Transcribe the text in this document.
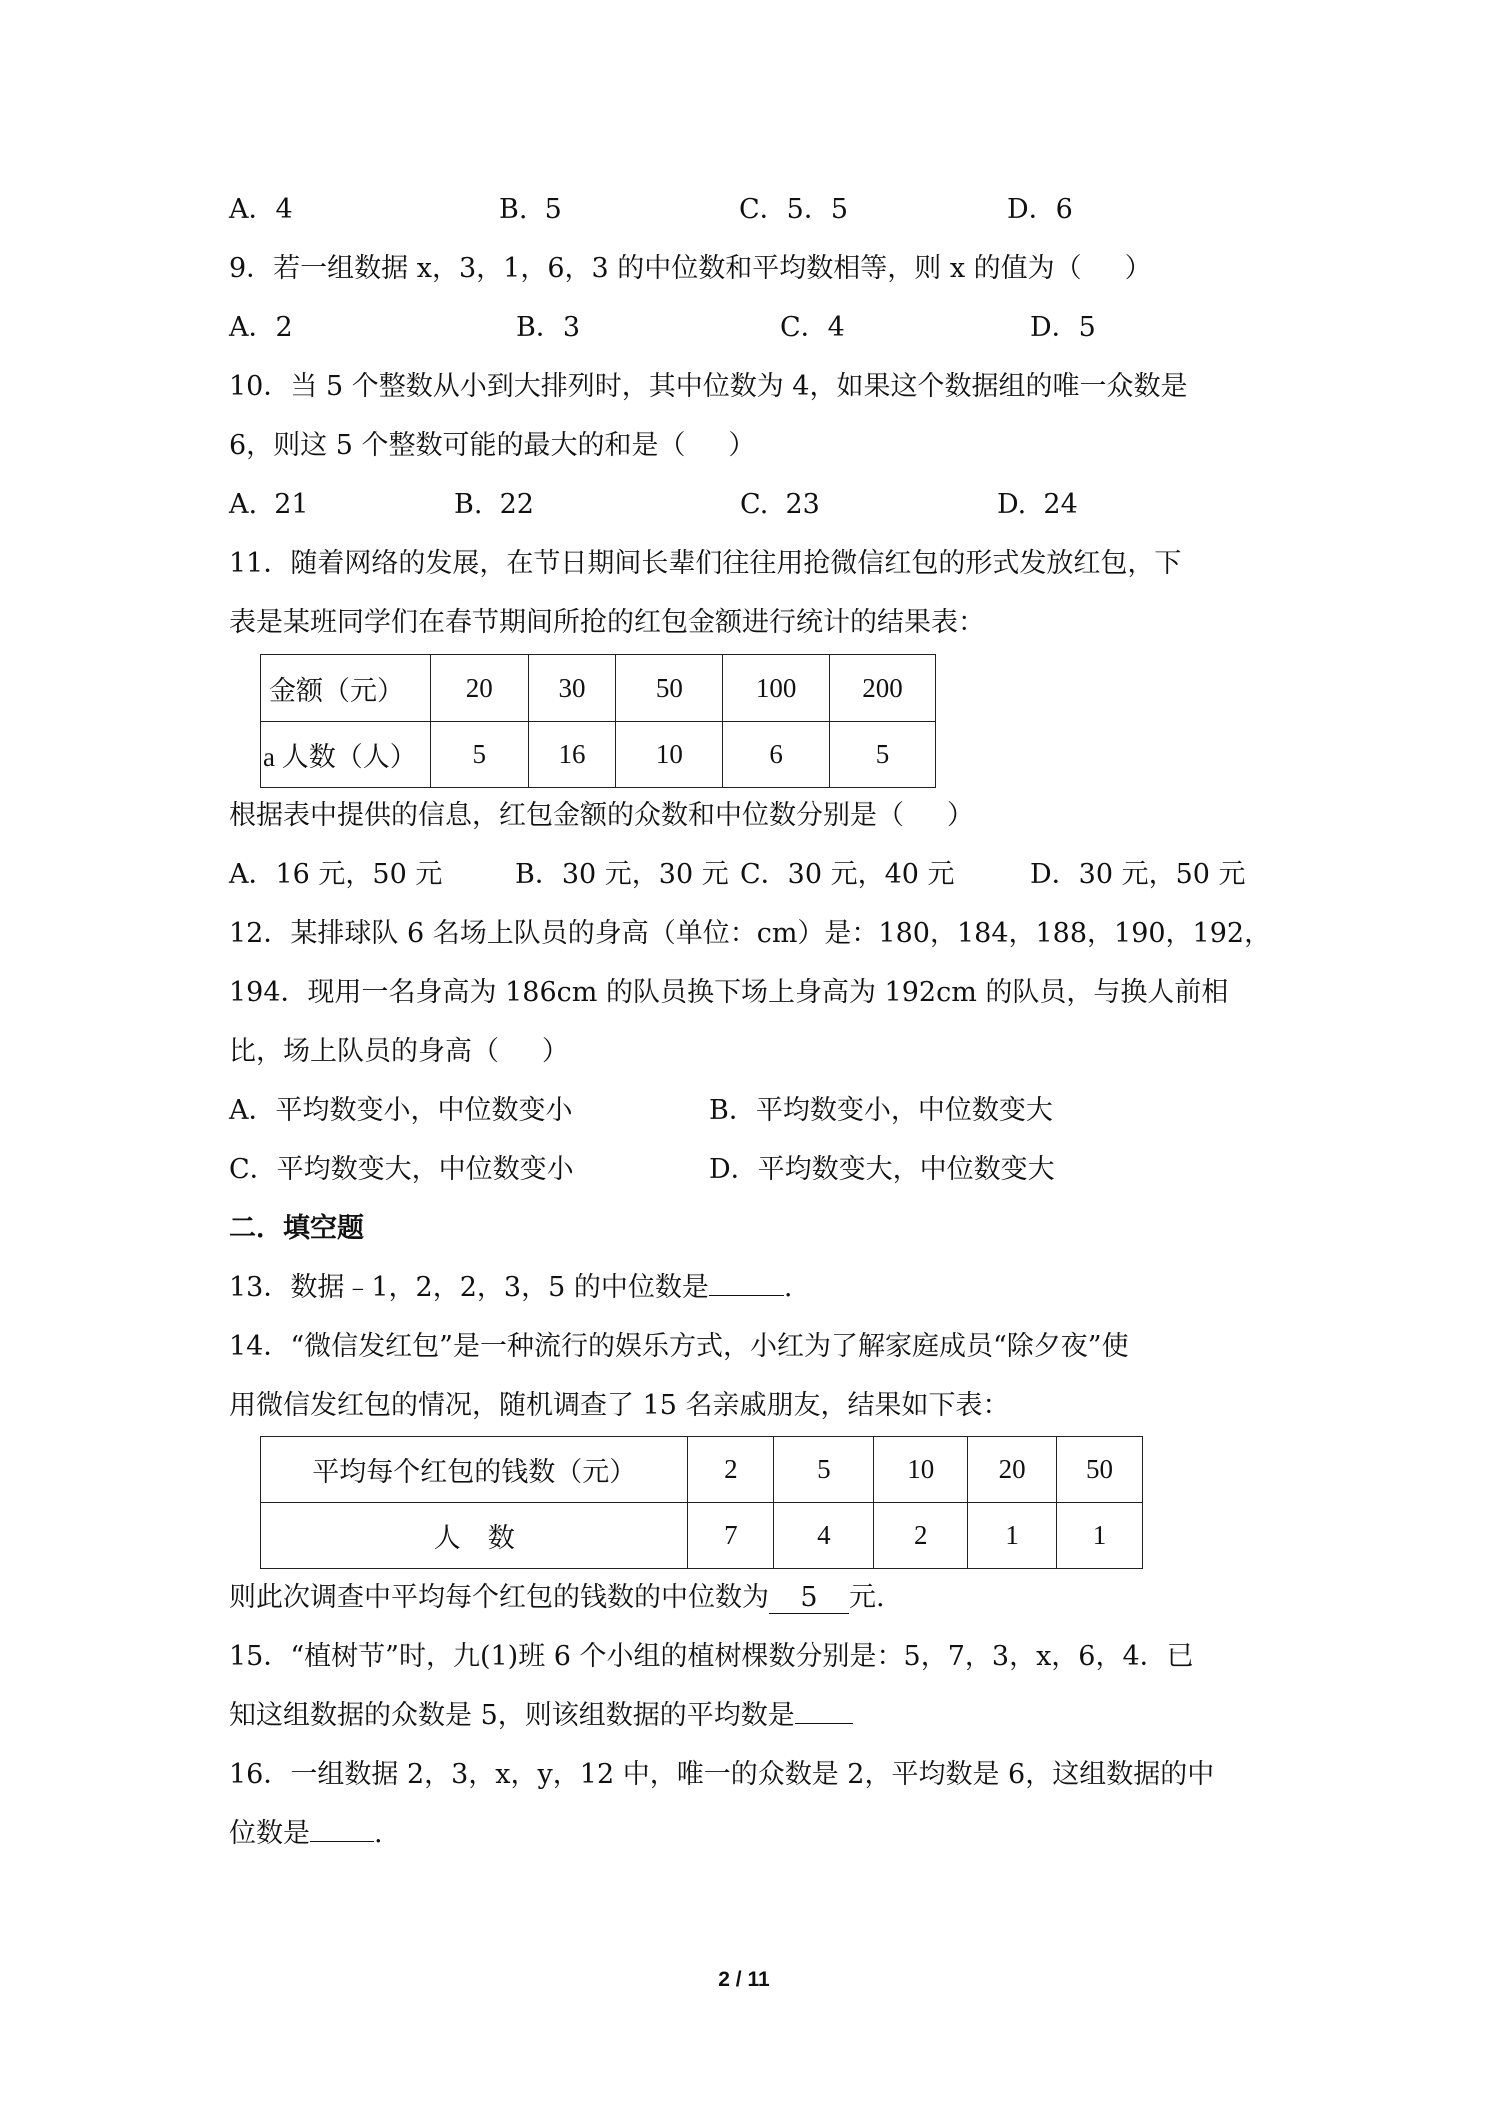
A．4	B.  5	C．5．5	D．6
9．若一组数据 x，3，1，6，3 的中位数和平均数相等，则 x 的值为（     ）
A．2	B．3	C．4	D．5
10．当 5 个整数从小到大排列时，其中位数为 4，如果这个数据组的唯一众数是
6，则这 5 个整数可能的最大的和是（     ）
A.  21	B.  22	C.  23	D.  24
11．随着网络的发展，在节日期间长辈们往往用抢微信红包的形式发放红包，下
表是某班同学们在春节期间所抢的红包金额进行统计的结果表：
金额（元）	20	30	50	100	200
a 人数（人）	5	16	10	6	5
根据表中提供的信息，红包金额的众数和中位数分别是（     ）
A．16 元，50 元	B．30 元，30 元 C．30 元，40 元	D．30 元，50 元
12．某排球队 6 名场上队员的身高（单位：cm）是：180，184，188，190，192，
194．现用一名身高为 186cm 的队员换下场上身高为 192cm 的队员，与换人前相
比，场上队员的身高（     ）
A．平均数变小，中位数变小	B．平均数变小，中位数变大
C．平均数变大，中位数变小	D．平均数变大，中位数变大
二．填空题
13．数据﹣1，2，2，3，5 的中位数是	.
14．“微信发红包”是一种流行的娱乐方式，小红为了解家庭成员“除夕夜”使
用微信发红包的情况，随机调查了 15 名亲戚朋友，结果如下表：
平均每个红包的钱数（元）	2	5	10	20	50
人    数	7	4	2	1	1
则此次调查中平均每个红包的钱数的中位数为 5 元.
15．“植树节”时，九(1)班 6 个小组的植树棵数分别是：5，7，3，x，6，4．已
知这组数据的众数是 5，则该组数据的平均数是
16．一组数据 2，3，x，y，12 中，唯一的众数是 2，平均数是 6，这组数据的中
位数是 .
2 / 11
